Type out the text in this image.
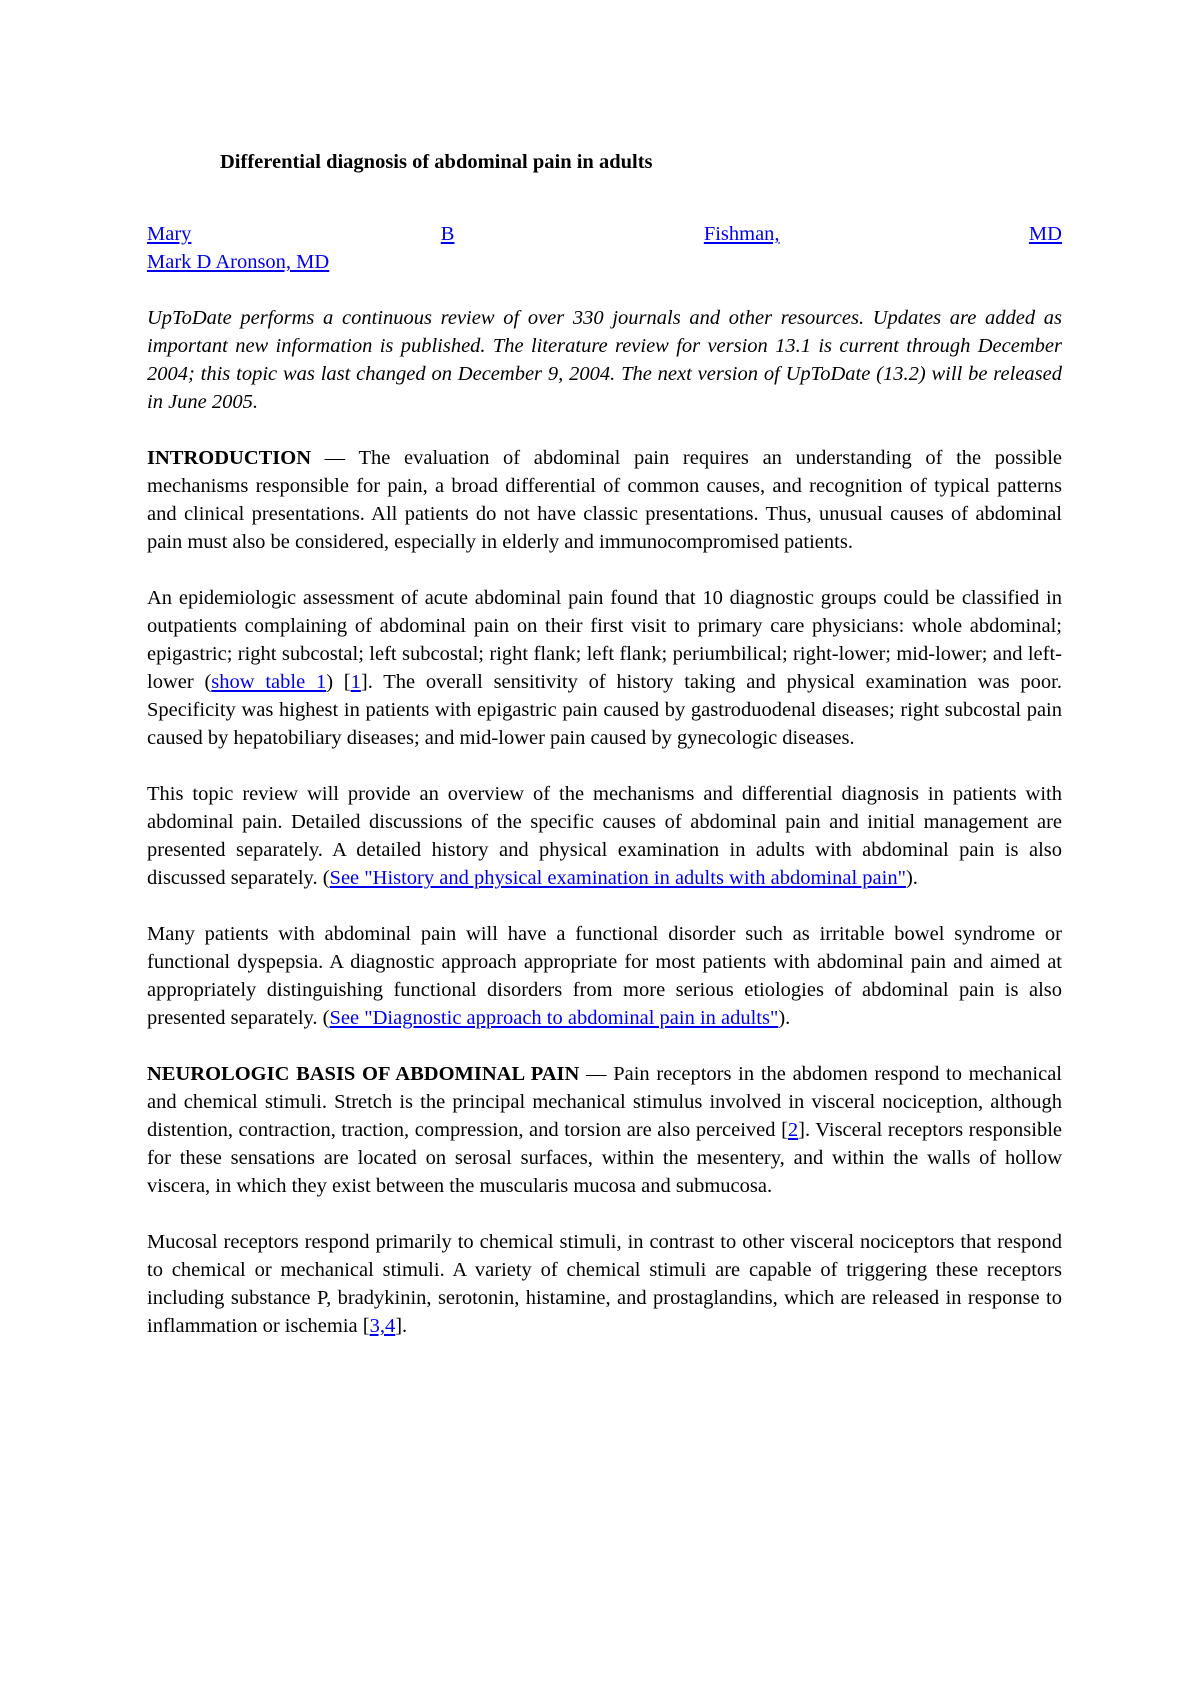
Differential diagnosis of abdominal pain in adults
Mary	B	Fishman,	MD
Mark D Aronson, MD

UpToDate performs a continuous review of over 330 journals and other resources. Updates are added as important new information is published. The literature review for version 13.1 is current through December 2004; this topic was last changed on December 9, 2004. The next version of UpToDate (13.2) will be released in June 2005.

INTRODUCTION — The evaluation of abdominal pain requires an understanding of the possible mechanisms responsible for pain, a broad differential of common causes, and recognition of typical patterns and clinical presentations. All patients do not have classic presentations. Thus, unusual causes of abdominal pain must also be considered, especially in elderly and immunocompromised patients.

An epidemiologic assessment of acute abdominal pain found that 10 diagnostic groups could be classified in outpatients complaining of abdominal pain on their first visit to primary care physicians: whole abdominal; epigastric; right subcostal; left subcostal; right flank; left flank; periumbilical; right-lower; mid-lower; and left-lower (show table 1) [1]. The overall sensitivity of history taking and physical examination was poor. Specificity was highest in patients with epigastric pain caused by gastroduodenal diseases; right subcostal pain caused by hepatobiliary diseases; and mid-lower pain caused by gynecologic diseases.

This topic review will provide an overview of the mechanisms and differential diagnosis in patients with abdominal pain. Detailed discussions of the specific causes of abdominal pain and initial management are presented separately. A detailed history and physical examination in adults with abdominal pain is also discussed separately. (See "History and physical examination in adults with abdominal pain").

Many patients with abdominal pain will have a functional disorder such as irritable bowel syndrome or functional dyspepsia. A diagnostic approach appropriate for most patients with abdominal pain and aimed at appropriately distinguishing functional disorders from more serious etiologies of abdominal pain is also presented separately. (See "Diagnostic approach to abdominal pain in adults").

NEUROLOGIC BASIS OF ABDOMINAL PAIN — Pain receptors in the abdomen respond to mechanical and chemical stimuli. Stretch is the principal mechanical stimulus involved in visceral nociception, although distention, contraction, traction, compression, and torsion are also perceived [2]. Visceral receptors responsible for these sensations are located on serosal surfaces, within the mesentery, and within the walls of hollow viscera, in which they exist between the muscularis mucosa and submucosa.

Mucosal receptors respond primarily to chemical stimuli, in contrast to other visceral nociceptors that respond to chemical or mechanical stimuli. A variety of chemical stimuli are capable of triggering these receptors including substance P, bradykinin, serotonin, histamine, and prostaglandins, which are released in response to inflammation or ischemia [3,4].
